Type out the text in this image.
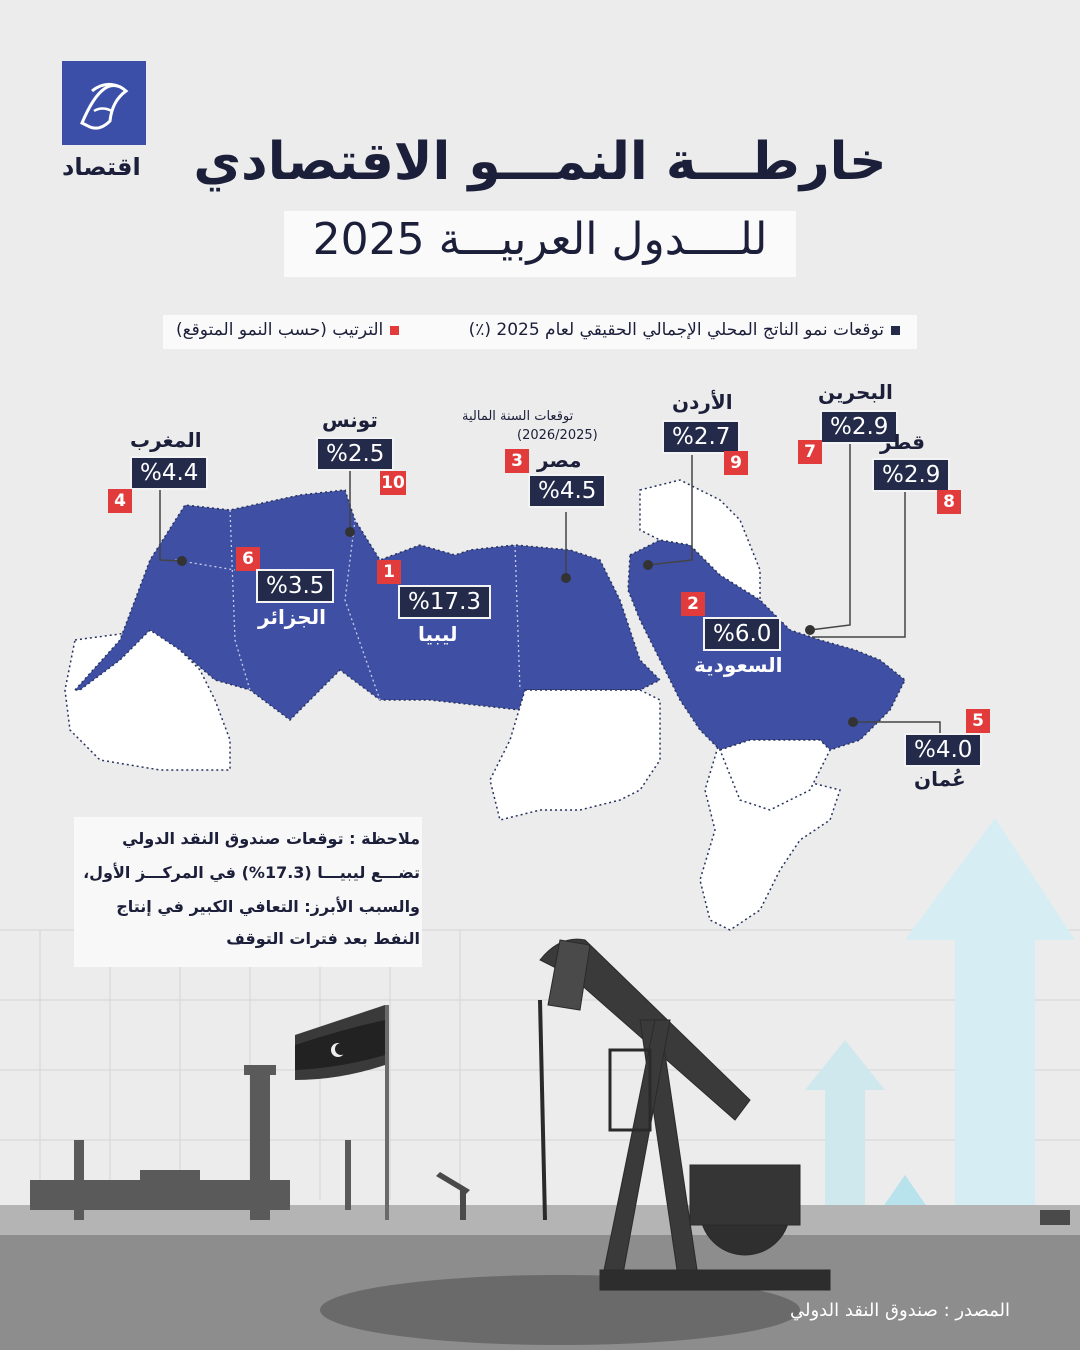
اقتصاد	خارطـــة النمـــو الاقتصادي
للــــدول العربيـــة 2025
توقعات نمو الناتج المحلي الإجمالي الحقيقي لعام 2025 (٪)
الترتيب (حسب النمو المتوقع)
المغرب
%4.4
4
تونس
%2.5
10
توقعات السنة المالية
(2026/2025)
مصر
%4.5
3
الأردن
%2.7
9
البحرين
%2.9
7	قطر
%2.9
8
6
%3.5
الجزائر
1
%17.3
ليبيا
2
%6.0
السعودية
5
%4.0
عُمان
ملاحظة : توقعات صندوق النقد الدولي
تضـــع ليبيـــا (17.3%) في المركـــز الأول،
والسبب الأبرز: التعافي الكبير في إنتاج
النفط بعد فترات التوقف
المصدر : صندوق النقد الدولي
